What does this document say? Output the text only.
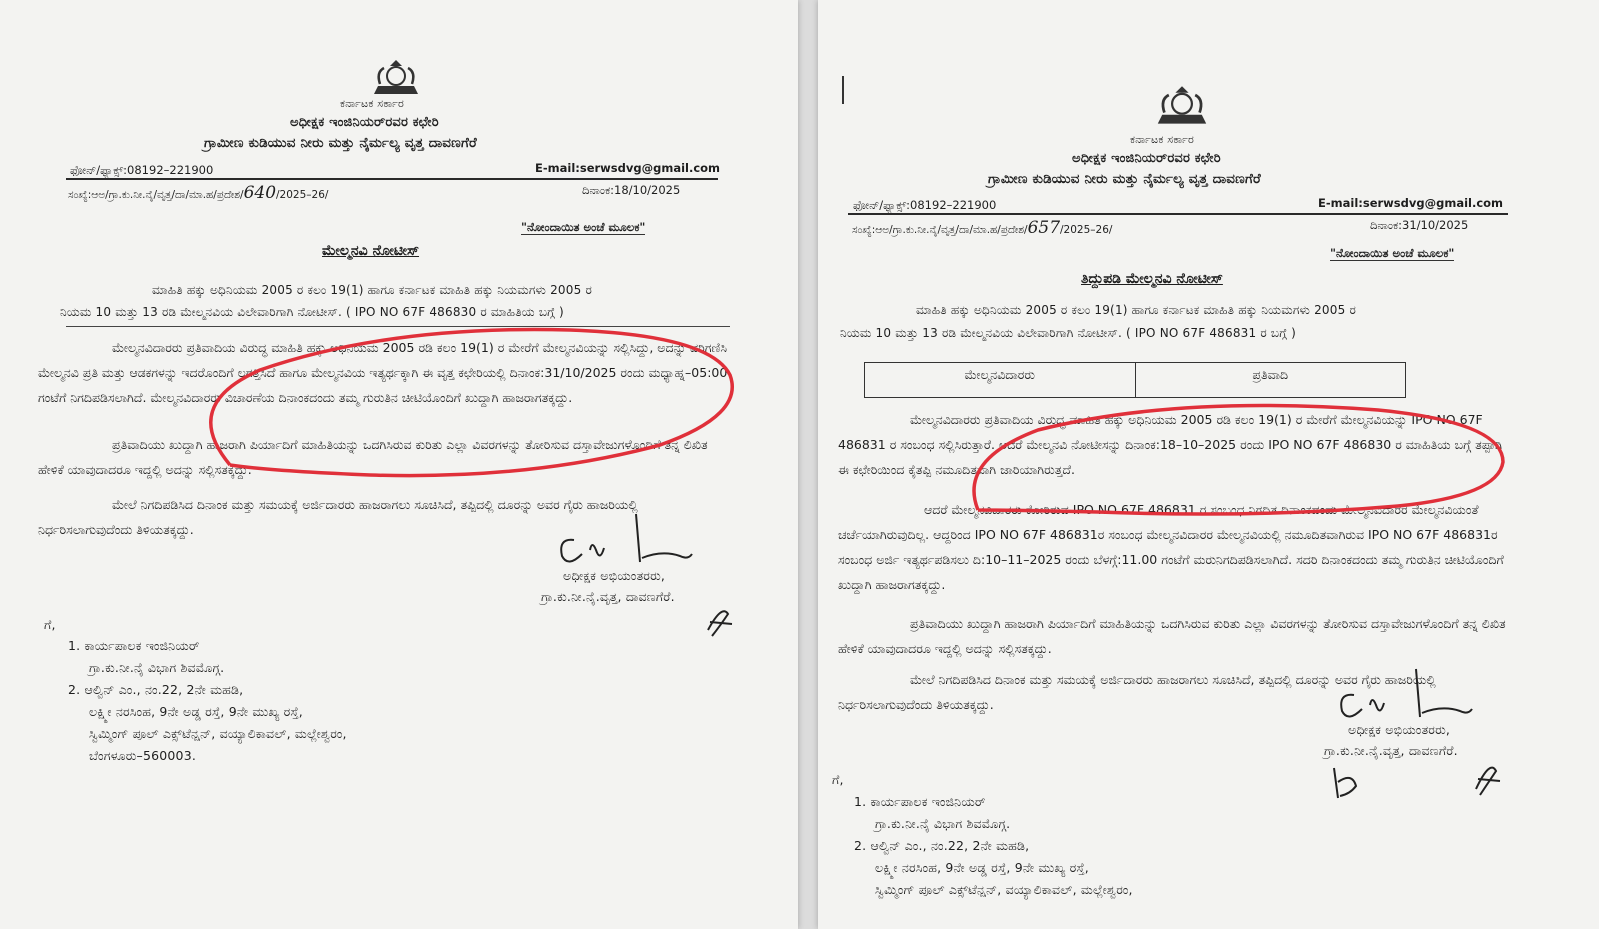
ಕರ್ನಾಟಕ ಸರ್ಕಾರ
ಅಧೀಕ್ಷಕ ಇಂಜಿನಿಯರ್‌ರವರ ಕಛೇರಿ
ಗ್ರಾಮೀಣ ಕುಡಿಯುವ ನೀರು ಮತ್ತು ನೈರ್ಮಲ್ಯ ವೃತ್ತ ದಾವಣಗೆರೆ
ಫೋನ್/ಫ್ಯಾಕ್ಸ್:08192–221900	E-mail:serwsdvg@gmail.com
ಸಂಖ್ಯೆ:ಆಅ/ಗ್ರಾ.ಕು.ನೀ.ನೈ/ವೃತ್ತ/ದಾ/ಮಾ.ಹ/ಪ್ರದೇಶ/640/2025–26/	ದಿನಾಂಕ:18/10/2025
"ನೋಂದಾಯಿತ ಅಂಚೆ ಮೂಲಕ"
ಮೇಲ್ಮನವಿ ನೋಟೀಸ್
ಮಾಹಿತಿ ಹಕ್ಕು ಅಧಿನಿಯಮ 2005 ರ ಕಲಂ 19(1) ಹಾಗೂ ಕರ್ನಾಟಕ ಮಾಹಿತಿ ಹಕ್ಕು ನಿಯಮಗಳು 2005 ರ
ನಿಯಮ 10 ಮತ್ತು 13 ರಡಿ ಮೇಲ್ಮನವಿಯ ವಿಲೇವಾರಿಗಾಗಿ ನೋಟೀಸ್. ( IPO NO 67F 486830 ರ ಮಾಹಿತಿಯ ಬಗ್ಗೆ )
ಮೇಲ್ಮನವಿದಾರರು ಪ್ರತಿವಾದಿಯ ವಿರುದ್ಧ ಮಾಹಿತಿ ಹಕ್ಕು ಅಧಿನಿಯಮ 2005 ರಡಿ ಕಲಂ 19(1) ರ ಮೇರೆಗೆ ಮೇಲ್ಮನವಿಯನ್ನು ಸಲ್ಲಿಸಿದ್ದು, ಅದನ್ನು ಪರಿಗಣಿಸಿ ಮೇಲ್ಮನವಿ ಪ್ರತಿ ಮತ್ತು ಆಡಕಗಳನ್ನು ಇದರೊಂದಿಗೆ ಲಗತ್ತಿಸಿದೆ ಹಾಗೂ ಮೇಲ್ಮನವಿಯ ಇತ್ಯರ್ಥಕ್ಕಾಗಿ ಈ ವೃತ್ತ ಕಛೇರಿಯಲ್ಲಿ ದಿನಾಂಕ:31/10/2025 ರಂದು ಮಧ್ಯಾಹ್ನ–05:00 ಗಂಟೆಗೆ ನಿಗದಿಪಡಿಸಲಾಗಿದೆ. ಮೇಲ್ಮನವಿದಾರರು ವಿಚಾರಣೆಯ ದಿನಾಂಕದಂದು ತಮ್ಮ ಗುರುತಿನ ಚೀಟಿಯೊಂದಿಗೆ ಖುದ್ದಾಗಿ ಹಾಜರಾಗತಕ್ಕದ್ದು.
ಪ್ರತಿವಾದಿಯು ಖುದ್ದಾಗಿ ಹಾಜರಾಗಿ ಪಿರ್ಯಾದಿಗೆ ಮಾಹಿತಿಯನ್ನು ಒದಗಿಸಿರುವ ಕುರಿತು ಎಲ್ಲಾ ವಿವರಗಳನ್ನು ತೋರಿಸುವ ದಸ್ತಾವೇಜುಗಳೊಂದಿಗೆ ತನ್ನ ಲಿಖಿತ ಹೇಳಿಕೆ ಯಾವುದಾದರೂ ಇದ್ದಲ್ಲಿ ಅದನ್ನು ಸಲ್ಲಿಸತಕ್ಕದ್ದು.
ಮೇಲೆ ನಿಗದಿಪಡಿಸಿದ ದಿನಾಂಕ ಮತ್ತು ಸಮಯಕ್ಕೆ ಅರ್ಜಿದಾರರು ಹಾಜರಾಗಲು ಸೂಚಿಸಿದೆ, ತಪ್ಪಿದಲ್ಲಿ ದೂರನ್ನು ಅವರ ಗೈರು ಹಾಜರಿಯಲ್ಲಿ ನಿರ್ಧರಿಸಲಾಗುವುದೆಂದು ತಿಳಿಯತಕ್ಕದ್ದು.
ಅಧೀಕ್ಷಕ ಅಭಿಯಂತರರು,
ಗ್ರಾ.ಕು.ನೀ.ನೈ.ವೃತ್ತ, ದಾವಣಗೆರೆ.
ಗೆ,
1. ಕಾರ್ಯಪಾಲಕ ಇಂಜಿನಿಯರ್
ಗ್ರಾ.ಕು.ನೀ.ನೈ ವಿಭಾಗ ಶಿವಮೊಗ್ಗ.
2. ಆಲ್ವಿನ್ ಎಂ., ನಂ.22, 2ನೇ ಮಹಡಿ,
ಲಕ್ಷ್ಮೀ ನರಸಿಂಹ, 9ನೇ ಅಡ್ಡ ರಸ್ತೆ, 9ನೇ ಮುಖ್ಯ ರಸ್ತೆ,
ಸ್ವಿಮ್ಮಿಂಗ್ ಪೂಲ್ ಎಕ್ಸ್‌ಟೆನ್ಷನ್, ವಯ್ಯಾಲಿಕಾವಲ್, ಮಲ್ಲೇಶ್ವರಂ,
ಬೆಂಗಳೂರು–560003.
ಕರ್ನಾಟಕ ಸರ್ಕಾರ
ಅಧೀಕ್ಷಕ ಇಂಜಿನಿಯರ್‌ರವರ ಕಛೇರಿ
ಗ್ರಾಮೀಣ ಕುಡಿಯುವ ನೀರು ಮತ್ತು ನೈರ್ಮಲ್ಯ ವೃತ್ತ ದಾವಣಗೆರೆ
ಫೋನ್/ಫ್ಯಾಕ್ಸ್:08192–221900	E-mail:serwsdvg@gmail.com
ಸಂಖ್ಯೆ:ಆಅ/ಗ್ರಾ.ಕು.ನೀ.ನೈ/ವೃತ್ತ/ದಾ/ಮಾ.ಹ/ಪ್ರದೇಶ/657/2025–26/	ದಿನಾಂಕ:31/10/2025
"ನೋಂದಾಯಿತ ಅಂಚೆ ಮೂಲಕ"
ತಿದ್ದುಪಡಿ ಮೇಲ್ಮನವಿ ನೋಟೀಸ್
ಮಾಹಿತಿ ಹಕ್ಕು ಅಧಿನಿಯಮ 2005 ರ ಕಲಂ 19(1) ಹಾಗೂ ಕರ್ನಾಟಕ ಮಾಹಿತಿ ಹಕ್ಕು ನಿಯಮಗಳು 2005 ರ
ನಿಯಮ 10 ಮತ್ತು 13 ರಡಿ ಮೇಲ್ಮನವಿಯ ವಿಲೇವಾರಿಗಾಗಿ ನೋಟೀಸ್. ( IPO NO 67F 486831 ರ ಬಗ್ಗೆ )
ಮೇಲ್ಮನವಿದಾರರು	ಪ್ರತಿವಾದಿ
ಮೇಲ್ಮನವಿದಾರರು ಪ್ರತಿವಾದಿಯ ವಿರುದ್ಧ ಮಾಹಿತಿ ಹಕ್ಕು ಅಧಿನಿಯಮ 2005 ರಡಿ ಕಲಂ 19(1) ರ ಮೇರೆಗೆ ಮೇಲ್ಮನವಿಯನ್ನು IPO NO 67F 486831 ರ ಸಂಬಂಧ ಸಲ್ಲಿಸಿರುತ್ತಾರೆ. ಆದರೆ ಮೇಲ್ಮನವಿ ನೋಟೀಸನ್ನು ದಿನಾಂಕ:18–10–2025 ರಂದು IPO NO 67F 486830 ರ ಮಾಹಿತಿಯ ಬಗ್ಗೆ ತಪ್ಪಾಗಿ ಈ ಕಛೇರಿಯಿಂದ ಕೈತಪ್ಪಿ ನಮೂದಿತವಾಗಿ ಜಾರಿಯಾಗಿರುತ್ತದೆ.
ಆದರೆ ಮೇಲ್ಮನವಿದಾರರು ಕೋರಿರುವ IPO NO 67F 486831 ರ ಸಂಬಂಧ ನಿಗದಿತ ದಿನಾಂಕದಂದು ಮೇಲ್ಮನವಿದಾರರ ಮೇಲ್ಮನವಿಯಂತೆ ಚರ್ಚೆಯಾಗಿರುವುದಿಲ್ಲ. ಆದ್ದರಿಂದ IPO NO 67F 486831ರ ಸಂಬಂಧ ಮೇಲ್ಮನವಿದಾರರ ಮೇಲ್ಮನವಿಯಲ್ಲಿ ನಮೂದಿತವಾಗಿರುವ IPO NO 67F 486831ರ ಸಂಬಂಧ ಅರ್ಜಿ ಇತ್ಯರ್ಥಪಡಿಸಲು ದಿ:10–11–2025 ರಂದು ಬೆಳಗ್ಗೆ:11.00 ಗಂಟೆಗೆ ಮರುನಿಗದಿಪಡಿಸಲಾಗಿದೆ. ಸದರಿ ದಿನಾಂಕದಂದು ತಮ್ಮ ಗುರುತಿನ ಚೀಟಿಯೊಂದಿಗೆ ಖುದ್ದಾಗಿ ಹಾಜರಾಗತಕ್ಕದ್ದು.
ಪ್ರತಿವಾದಿಯು ಖುದ್ದಾಗಿ ಹಾಜರಾಗಿ ಪಿರ್ಯಾದಿಗೆ ಮಾಹಿತಿಯನ್ನು ಒದಗಿಸಿರುವ ಕುರಿತು ಎಲ್ಲಾ ವಿವರಗಳನ್ನು ತೋರಿಸುವ ದಸ್ತಾವೇಜುಗಳೊಂದಿಗೆ ತನ್ನ ಲಿಖಿತ ಹೇಳಿಕೆ ಯಾವುದಾದರೂ ಇದ್ದಲ್ಲಿ ಅದನ್ನು ಸಲ್ಲಿಸತಕ್ಕದ್ದು.
ಮೇಲೆ ನಿಗದಿಪಡಿಸಿದ ದಿನಾಂಕ ಮತ್ತು ಸಮಯಕ್ಕೆ ಅರ್ಜಿದಾರರು ಹಾಜರಾಗಲು ಸೂಚಿಸಿದೆ, ತಪ್ಪಿದಲ್ಲಿ ದೂರನ್ನು ಅವರ ಗೈರು ಹಾಜರಿಯಲ್ಲಿ ನಿರ್ಧರಿಸಲಾಗುವುದೆಂದು ತಿಳಿಯತಕ್ಕದ್ದು.
ಅಧೀಕ್ಷಕ ಅಭಿಯಂತರರು,
ಗ್ರಾ.ಕು.ನೀ.ನೈ.ವೃತ್ತ, ದಾವಣಗೆರೆ.
ಗೆ,
1. ಕಾರ್ಯಪಾಲಕ ಇಂಜಿನಿಯರ್
ಗ್ರಾ.ಕು.ನೀ.ನೈ ವಿಭಾಗ ಶಿವಮೊಗ್ಗ.
2. ಆಲ್ವಿನ್ ಎಂ., ನಂ.22, 2ನೇ ಮಹಡಿ,
ಲಕ್ಷ್ಮೀ ನರಸಿಂಹ, 9ನೇ ಅಡ್ಡ ರಸ್ತೆ, 9ನೇ ಮುಖ್ಯ ರಸ್ತೆ,
ಸ್ವಿಮ್ಮಿಂಗ್ ಪೂಲ್ ಎಕ್ಸ್‌ಟೆನ್ಷನ್, ವಯ್ಯಾಲಿಕಾವಲ್, ಮಲ್ಲೇಶ್ವರಂ,
